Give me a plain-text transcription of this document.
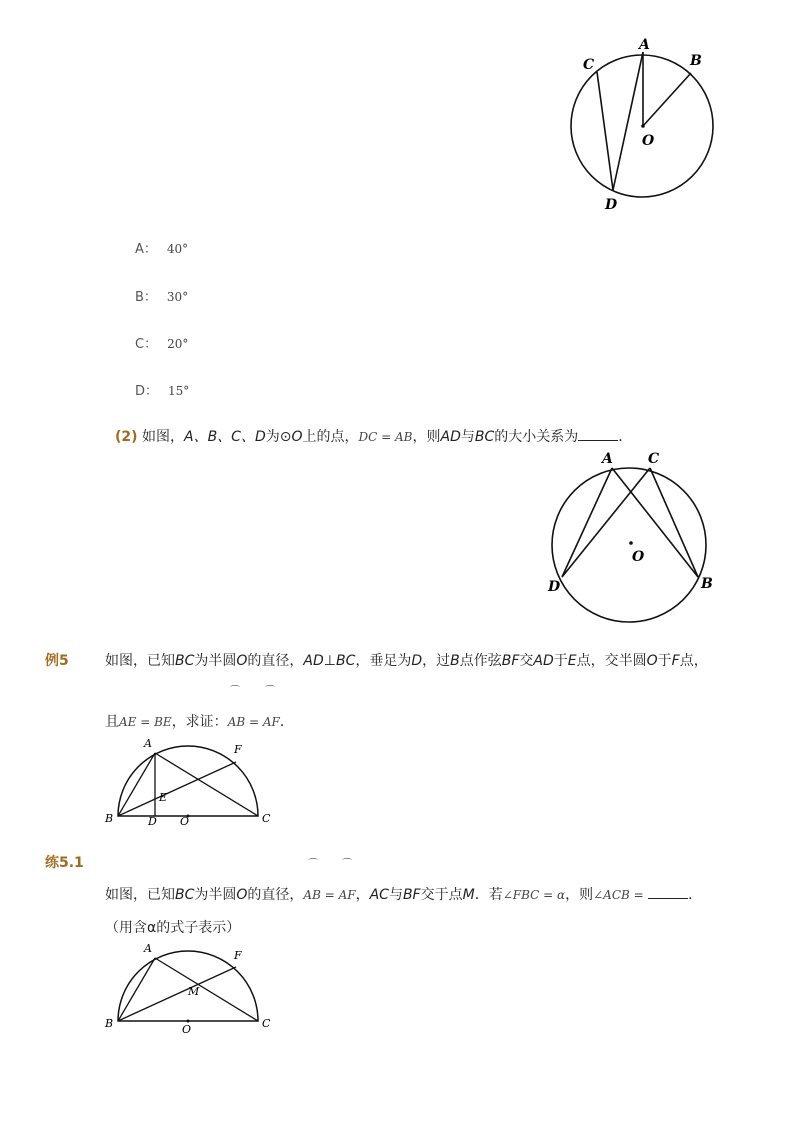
A
B
C
O
D
A： 40°
B： 30°
C： 20°
D： 15°
(2) 如图，A、B、C、D为⊙O上的点，DC = AB，则AD与BC的大小关系为	．
A	C
O
D	B
例5	如图，已知BC为半圆O的直径，AD⊥BC，垂足为D，过B点作弦BF交AD于E点，交半圆O于F点，
⌒	⌒
且AE = BE，求证：AB = AF．
A	F
E
B	D O	C
练5.1	⌒ ⌒
如图，已知BC为半圆O的直径，AB = AF，AC与BF交于点M．若∠FBC = α，则∠ACB =	．
（用含α的式子表示）
A
F
M
B	O	C
